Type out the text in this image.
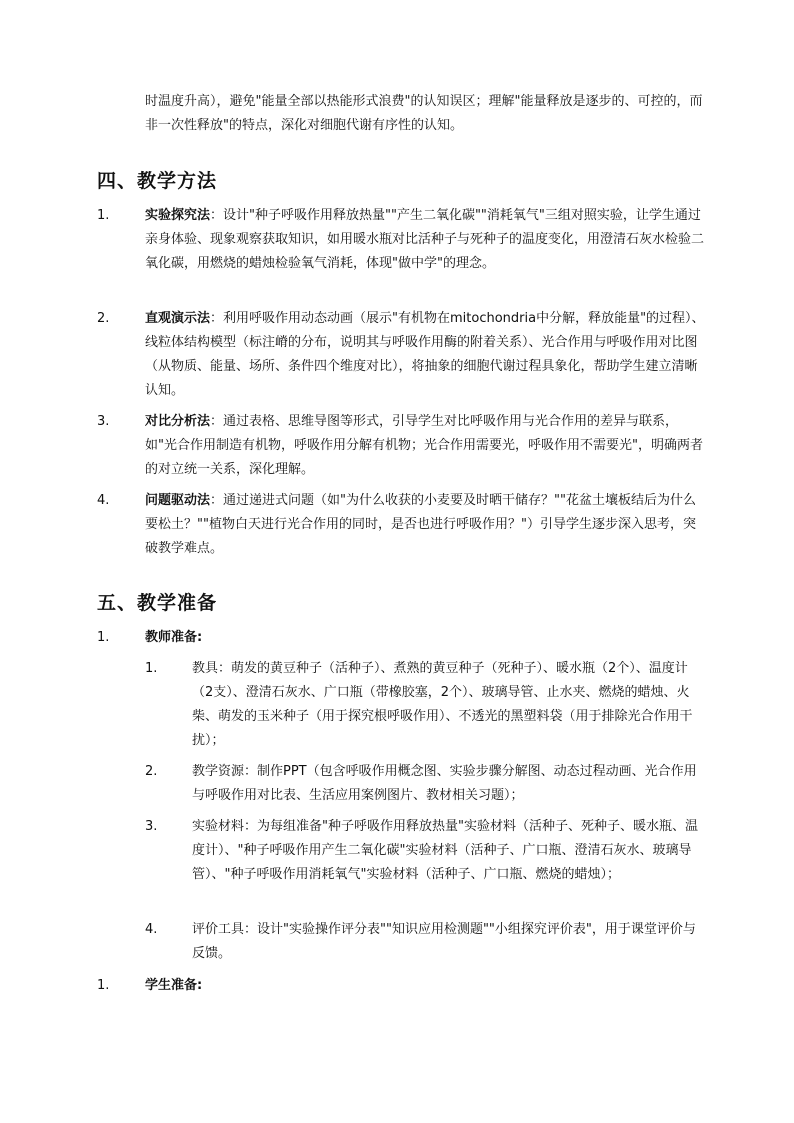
时温度升高），避免"能量全部以热能形式浪费"的认知误区；理解"能量释放是逐步的、可控的，而非一次性释放"的特点，深化对细胞代谢有序性的认知。
四、教学方法
1.	实验探究法：设计"种子呼吸作用释放热量""产生二氧化碳""消耗氧气"三组对照实验，让学生通过亲身体验、现象观察获取知识，如用暖水瓶对比活种子与死种子的温度变化，用澄清石灰水检验二氧化碳，用燃烧的蜡烛检验氧气消耗，体现"做中学"的理念。
2.	直观演示法：利用呼吸作用动态动画（展示"有机物在mitochondria中分解，释放能量"的过程）、线粒体结构模型（标注嵴的分布，说明其与呼吸作用酶的附着关系）、光合作用与呼吸作用对比图（从物质、能量、场所、条件四个维度对比），将抽象的细胞代谢过程具象化，帮助学生建立清晰认知。
3.	对比分析法：通过表格、思维导图等形式，引导学生对比呼吸作用与光合作用的差异与联系，如"光合作用制造有机物，呼吸作用分解有机物；光合作用需要光，呼吸作用不需要光"，明确两者的对立统一关系，深化理解。
4.	问题驱动法：通过递进式问题（如"为什么收获的小麦要及时晒干储存？""花盆土壤板结后为什么要松土？""植物白天进行光合作用的同时，是否也进行呼吸作用？"）引导学生逐步深入思考，突破教学难点。
五、教学准备
1.	教师准备:
1.	教具：萌发的黄豆种子（活种子）、煮熟的黄豆种子（死种子）、暖水瓶（2个）、温度计（2支）、澄清石灰水、广口瓶（带橡胶塞，2个）、玻璃导管、止水夹、燃烧的蜡烛、火柴、萌发的玉米种子（用于探究根呼吸作用）、不透光的黑塑料袋（用于排除光合作用干扰）；
2.	教学资源：制作PPT（包含呼吸作用概念图、实验步骤分解图、动态过程动画、光合作用与呼吸作用对比表、生活应用案例图片、教材相关习题）；
3.	实验材料：为每组准备"种子呼吸作用释放热量"实验材料（活种子、死种子、暖水瓶、温度计）、"种子呼吸作用产生二氧化碳"实验材料（活种子、广口瓶、澄清石灰水、玻璃导管）、"种子呼吸作用消耗氧气"实验材料（活种子、广口瓶、燃烧的蜡烛）；
4.	评价工具：设计"实验操作评分表""知识应用检测题""小组探究评价表"，用于课堂评价与反馈。
1.	学生准备:
